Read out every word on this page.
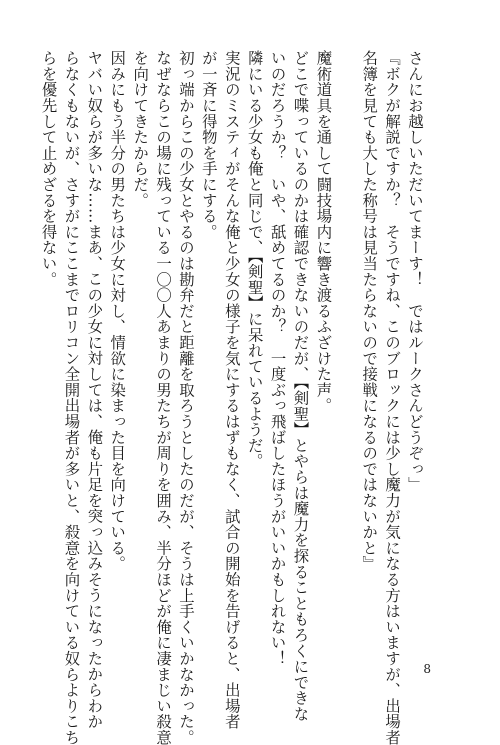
さんにお越しいただいてまーす！　ではルークさんどうぞっ」
『ボクが解説ですか？　そうですね、このブロックには少し魔力が気になる方はいますが、出場者
名簿を見ても大した称号は見当たらないので接戦になるのではないかと』
魔術道具を通して闘技場内に響き渡るふざけた声。
どこで喋っているのかは確認できないのだが、【剣聖】とやらは魔力を探ることもろくにできな
いのだろうか？　いや、舐めてるのか？　一度ぶっ飛ばしたほうがいいかもしれない！
隣にいる少女も俺と同じで、【剣聖】に呆れているようだ。
実況のミスティがそんな俺と少女の様子を気にするはずもなく、試合の開始を告げると、出場者
が一斉に得物を手にする。
初っ端からこの少女とやるのは勘弁だと距離を取ろうとしたのだが、そうは上手くいかなかった。
なぜならこの場に残っている一〇〇人あまりの男たちが周りを囲み、半分ほどが俺に凄まじい殺意
を向けてきたからだ。
因みにもう半分の男たちは少女に対し、情欲に染まった目を向けている。
ヤバい奴らが多いな……まあ、この少女に対しては、俺も片足を突っ込みそうになったからわか
らなくもないが、さすがにここまでロリコン全開出場者が多いと、殺意を向けている奴らよりこち
らを優先して止めざるを得ない。
8
